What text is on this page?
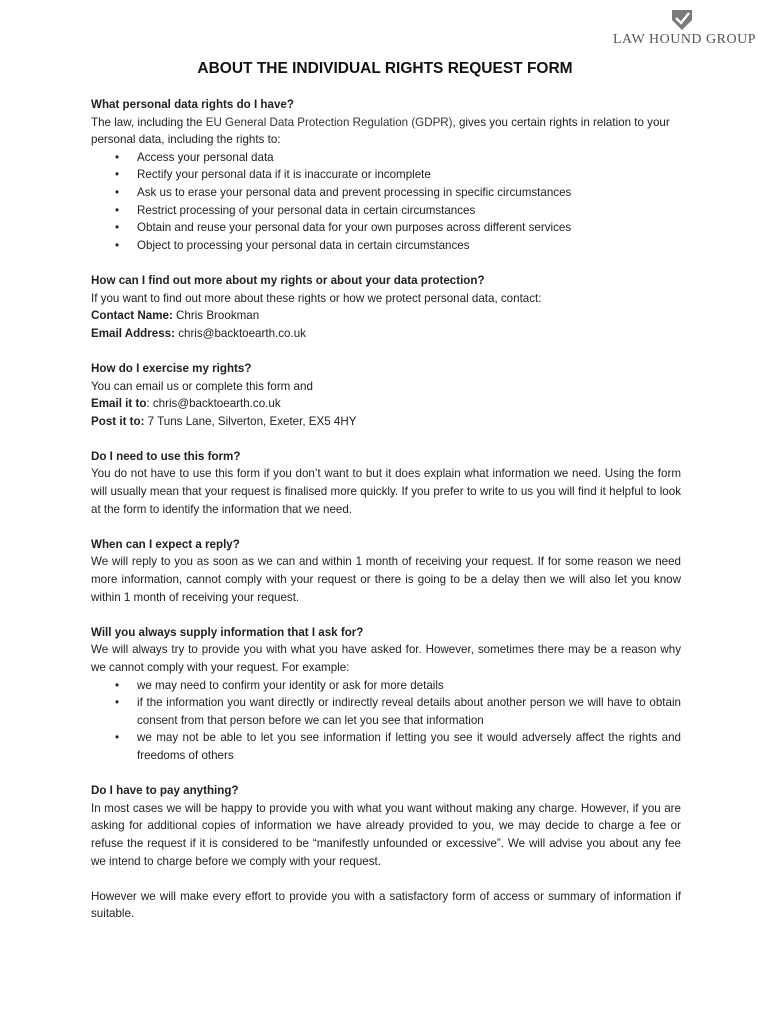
LAW HOUND GROUP
ABOUT THE INDIVIDUAL RIGHTS REQUEST FORM

What personal data rights do I have?

The law, including the EU General Data Protection Regulation (GDPR), gives you certain rights in relation to your personal data, including the rights to:

• Access your personal data
• Rectify your personal data if it is inaccurate or incomplete
• Ask us to erase your personal data and prevent processing in specific circumstances
• Restrict processing of your personal data in certain circumstances
• Obtain and reuse your personal data for your own purposes across different services
• Object to processing your personal data in certain circumstances

How can I find out more about my rights or about your data protection?

If you want to find out more about these rights or how we protect personal data, contact:

Contact Name: Chris Brookman

Email Address: chris@backtoearth.co.uk

How do I exercise my rights?

You can email us or complete this form and

Email it to: chris@backtoearth.co.uk

Post it to: 7 Tuns Lane, Silverton, Exeter, EX5 4HY

Do I need to use this form?

You do not have to use this form if you don’t want to but it does explain what information we need. Using the form will usually mean that your request is finalised more quickly. If you prefer to write to us you will find it helpful to look at the form to identify the information that we need.

When can I expect a reply?

We will reply to you as soon as we can and within 1 month of receiving your request. If for some reason we need more information, cannot comply with your request or there is going to be a delay then we will also let you know within 1 month of receiving your request.

Will you always supply information that I ask for?

We will always try to provide you with what you have asked for. However, sometimes there may be a reason why we cannot comply with your request. For example:

• we may need to confirm your identity or ask for more details
• if the information you want directly or indirectly reveal details about another person we will have to obtain consent from that person before we can let you see that information
• we may not be able to let you see information if letting you see it would adversely affect the rights and freedoms of others

Do I have to pay anything?

In most cases we will be happy to provide you with what you want without making any charge. However, if you are asking for additional copies of information we have already provided to you, we may decide to charge a fee or refuse the request if it is considered to be “manifestly unfounded or excessive”. We will advise you about any fee we intend to charge before we comply with your request.

However we will make every effort to provide you with a satisfactory form of access or summary of information if suitable.
